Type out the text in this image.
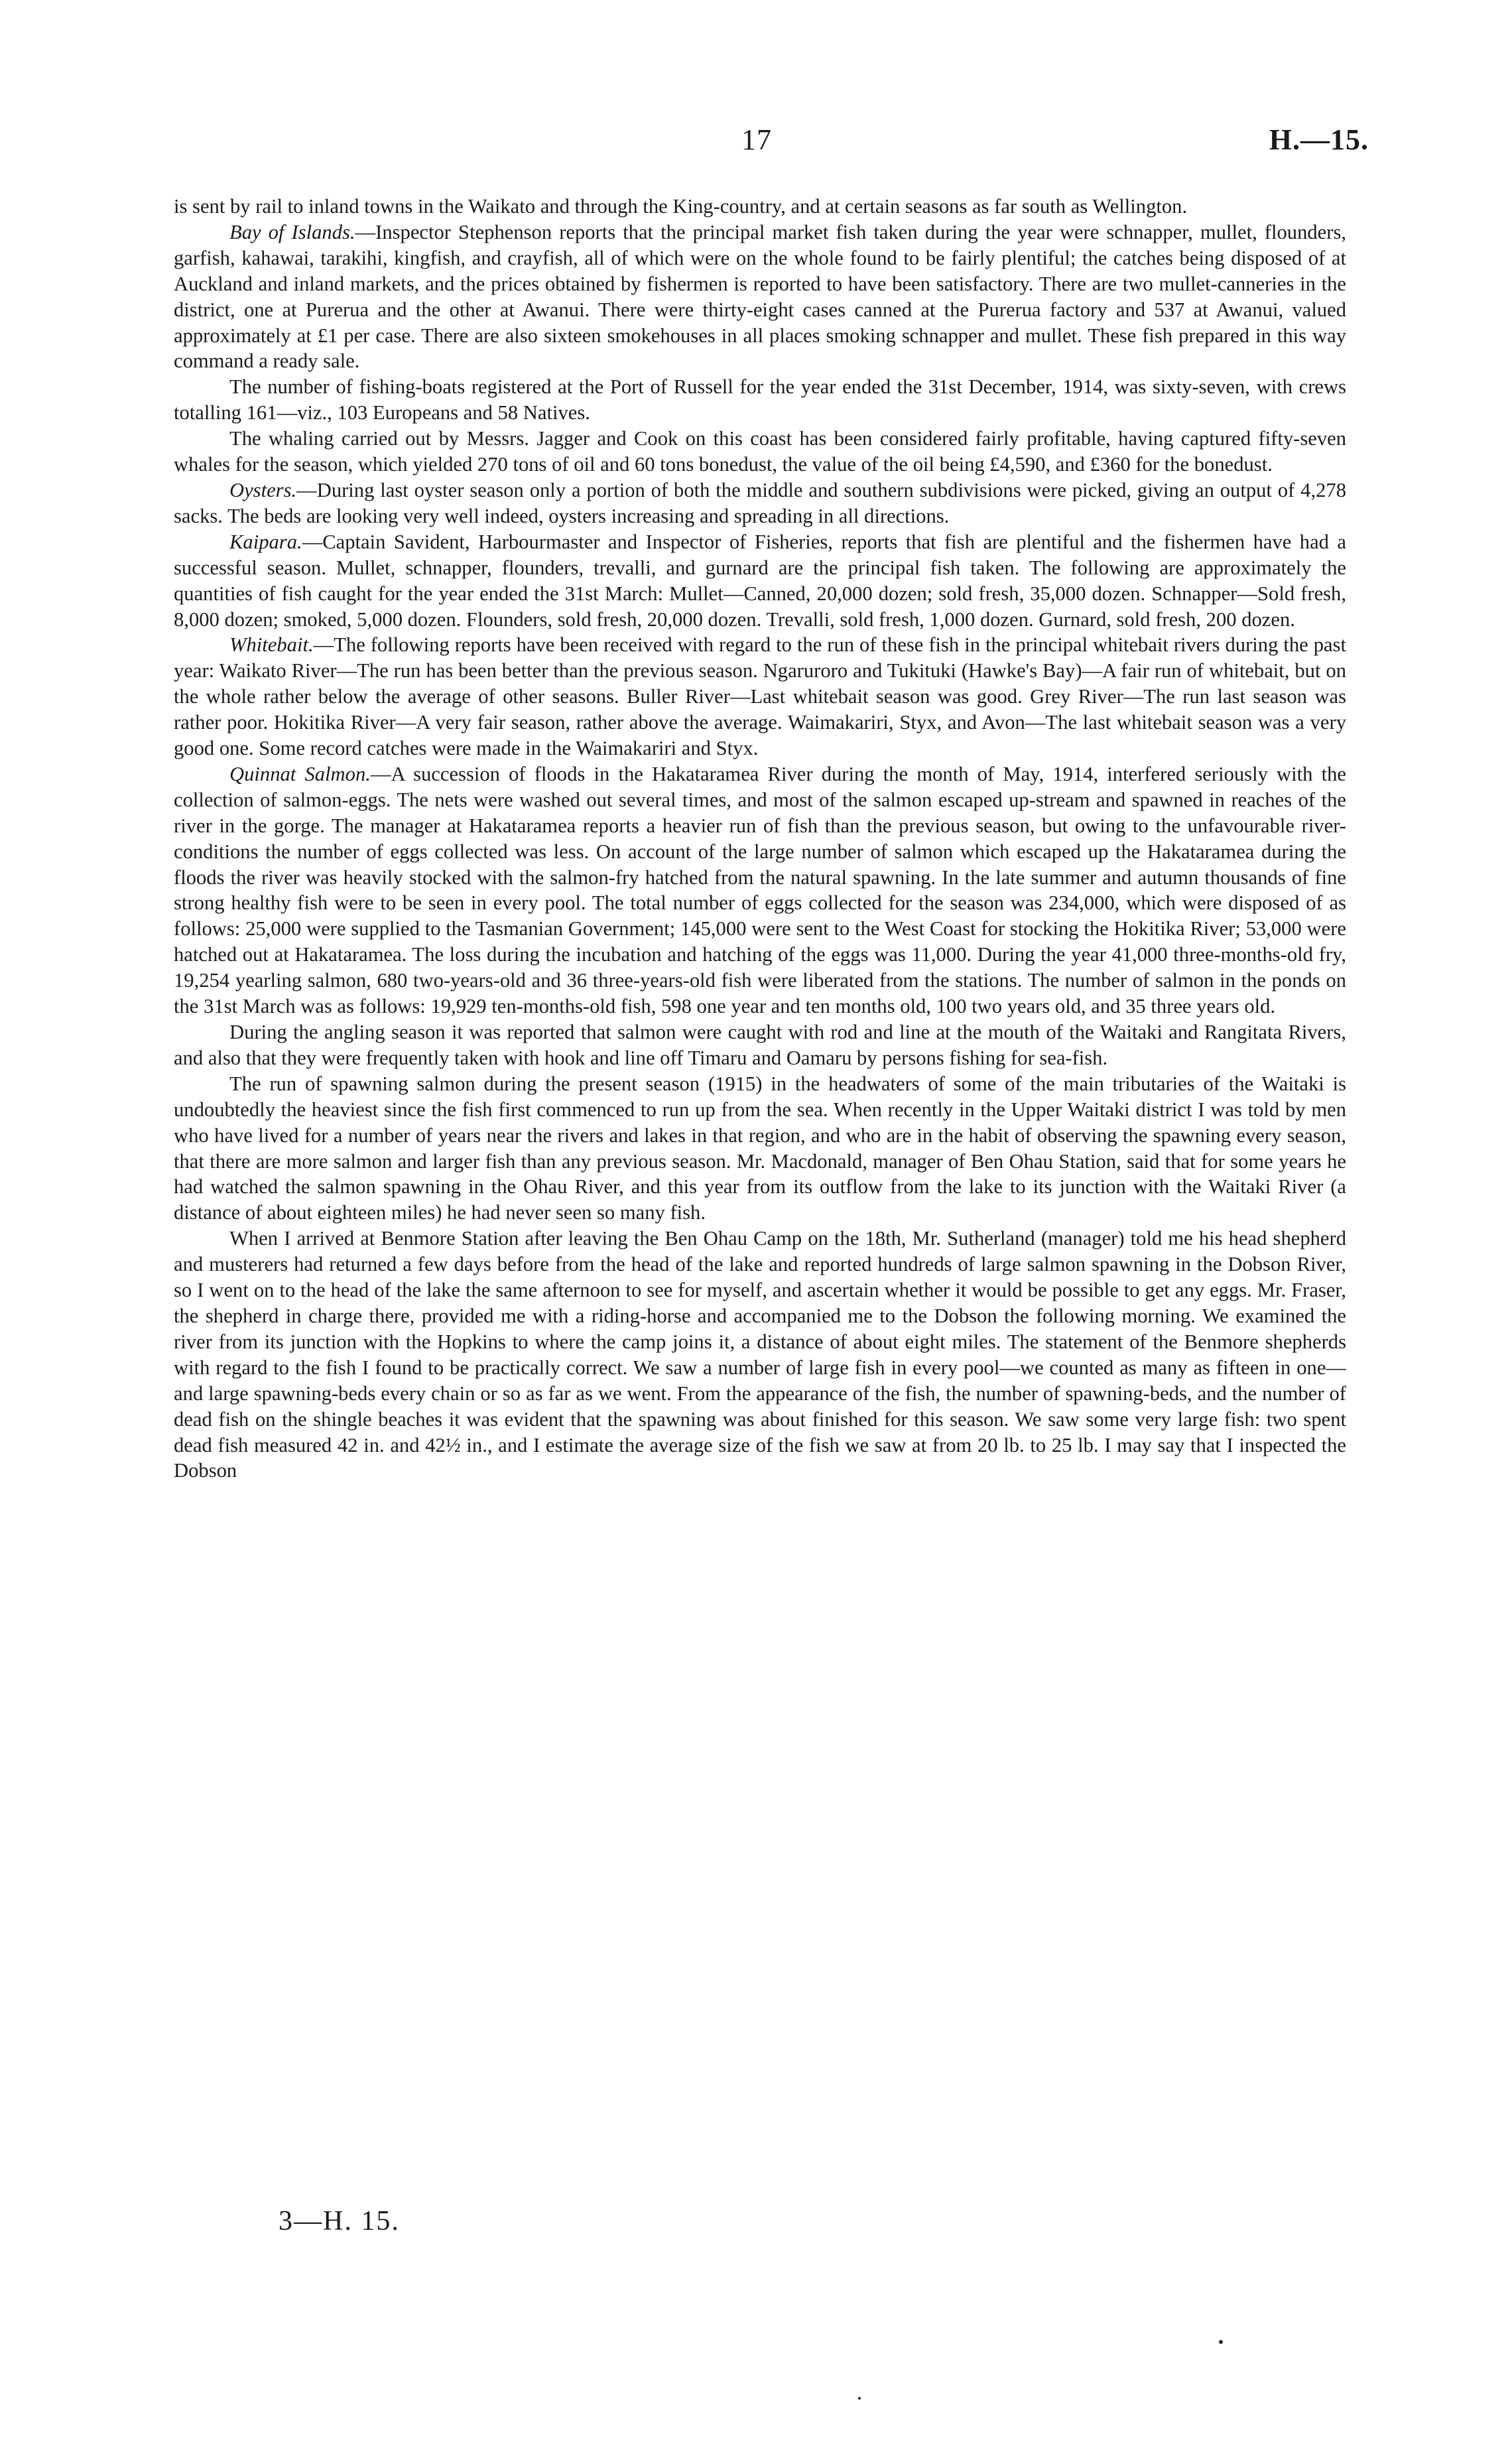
17	H.—15.

is sent by rail to inland towns in the Waikato and through the King-country, and at certain seasons as far south as Wellington.

Bay of Islands.—Inspector Stephenson reports that the principal market fish taken during the year were schnapper, mullet, flounders, garfish, kahawai, tarakihi, kingfish, and crayfish, all of which were on the whole found to be fairly plentiful; the catches being disposed of at Auckland and inland markets, and the prices obtained by fishermen is reported to have been satisfactory. There are two mullet-canneries in the district, one at Purerua and the other at Awanui. There were thirty-eight cases canned at the Purerua factory and 537 at Awanui, valued approximately at £1 per case. There are also sixteen smokehouses in all places smoking schnapper and mullet. These fish prepared in this way command a ready sale.

The number of fishing-boats registered at the Port of Russell for the year ended the 31st December, 1914, was sixty-seven, with crews totalling 161—viz., 103 Europeans and 58 Natives.

The whaling carried out by Messrs. Jagger and Cook on this coast has been considered fairly profitable, having captured fifty-seven whales for the season, which yielded 270 tons of oil and 60 tons bonedust, the value of the oil being £4,590, and £360 for the bonedust.

Oysters.—During last oyster season only a portion of both the middle and southern subdivisions were picked, giving an output of 4,278 sacks. The beds are looking very well indeed, oysters increasing and spreading in all directions.

Kaipara.—Captain Savident, Harbourmaster and Inspector of Fisheries, reports that fish are plentiful and the fishermen have had a successful season. Mullet, schnapper, flounders, trevalli, and gurnard are the principal fish taken. The following are approximately the quantities of fish caught for the year ended the 31st March: Mullet—Canned, 20,000 dozen; sold fresh, 35,000 dozen. Schnapper—Sold fresh, 8,000 dozen; smoked, 5,000 dozen. Flounders, sold fresh, 20,000 dozen. Trevalli, sold fresh, 1,000 dozen. Gurnard, sold fresh, 200 dozen.

Whitebait.—The following reports have been received with regard to the run of these fish in the principal whitebait rivers during the past year: Waikato River—The run has been better than the previous season. Ngaruroro and Tukituki (Hawke's Bay)—A fair run of whitebait, but on the whole rather below the average of other seasons. Buller River—Last whitebait season was good. Grey River—The run last season was rather poor. Hokitika River—A very fair season, rather above the average. Waimakariri, Styx, and Avon—The last whitebait season was a very good one. Some record catches were made in the Waimakariri and Styx.

Quinnat Salmon.—A succession of floods in the Hakataramea River during the month of May, 1914, interfered seriously with the collection of salmon-eggs. The nets were washed out several times, and most of the salmon escaped up-stream and spawned in reaches of the river in the gorge. The manager at Hakataramea reports a heavier run of fish than the previous season, but owing to the unfavourable river-conditions the number of eggs collected was less. On account of the large number of salmon which escaped up the Hakataramea during the floods the river was heavily stocked with the salmon-fry hatched from the natural spawning. In the late summer and autumn thousands of fine strong healthy fish were to be seen in every pool. The total number of eggs collected for the season was 234,000, which were disposed of as follows: 25,000 were supplied to the Tasmanian Government; 145,000 were sent to the West Coast for stocking the Hokitika River; 53,000 were hatched out at Hakataramea. The loss during the incubation and hatching of the eggs was 11,000. During the year 41,000 three-months-old fry, 19,254 yearling salmon, 680 two-years-old and 36 three-years-old fish were liberated from the stations. The number of salmon in the ponds on the 31st March was as follows: 19,929 ten-months-old fish, 598 one year and ten months old, 100 two years old, and 35 three years old.

During the angling season it was reported that salmon were caught with rod and line at the mouth of the Waitaki and Rangitata Rivers, and also that they were frequently taken with hook and line off Timaru and Oamaru by persons fishing for sea-fish.

The run of spawning salmon during the present season (1915) in the headwaters of some of the main tributaries of the Waitaki is undoubtedly the heaviest since the fish first commenced to run up from the sea. When recently in the Upper Waitaki district I was told by men who have lived for a number of years near the rivers and lakes in that region, and who are in the habit of observing the spawning every season, that there are more salmon and larger fish than any previous season. Mr. Macdonald, manager of Ben Ohau Station, said that for some years he had watched the salmon spawning in the Ohau River, and this year from its outflow from the lake to its junction with the Waitaki River (a distance of about eighteen miles) he had never seen so many fish.

When I arrived at Benmore Station after leaving the Ben Ohau Camp on the 18th, Mr. Sutherland (manager) told me his head shepherd and musterers had returned a few days before from the head of the lake and reported hundreds of large salmon spawning in the Dobson River, so I went on to the head of the lake the same afternoon to see for myself, and ascertain whether it would be possible to get any eggs. Mr. Fraser, the shepherd in charge there, provided me with a riding-horse and accompanied me to the Dobson the following morning. We examined the river from its junction with the Hopkins to where the camp joins it, a distance of about eight miles. The statement of the Benmore shepherds with regard to the fish I found to be practically correct. We saw a number of large fish in every pool—we counted as many as fifteen in one—and large spawning-beds every chain or so as far as we went. From the appearance of the fish, the number of spawning-beds, and the number of dead fish on the shingle beaches it was evident that the spawning was about finished for this season. We saw some very large fish: two spent dead fish measured 42 in. and 42½ in., and I estimate the average size of the fish we saw at from 20 lb. to 25 lb. I may say that I inspected the Dobson

3—H. 15.
